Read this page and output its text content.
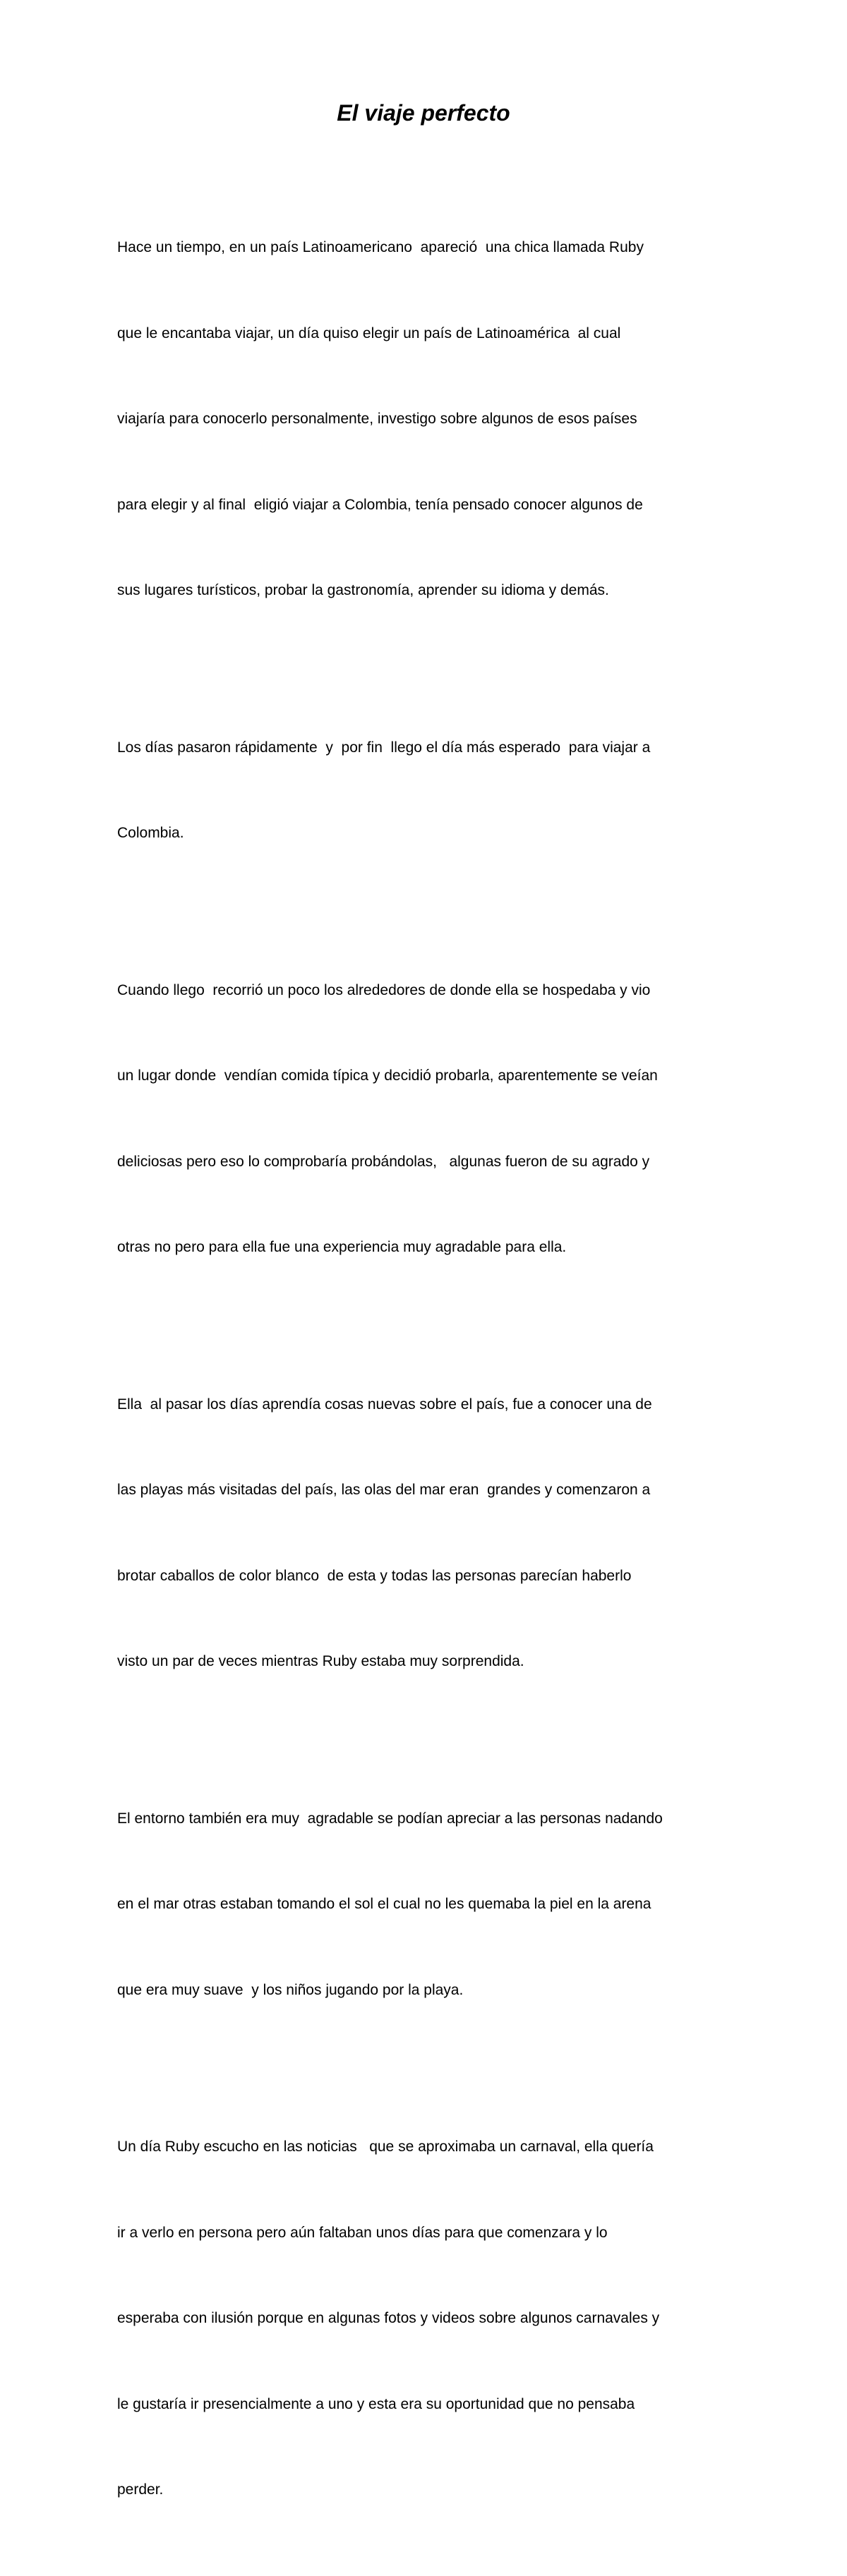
El viaje perfecto

Hace un tiempo, en un país Latinoamericano  apareció  una chica llamada Ruby

que le encantaba viajar, un día quiso elegir un país de Latinoamérica  al cual

viajaría para conocerlo personalmente, investigo sobre algunos de esos países

para elegir y al final  eligió viajar a Colombia, tenía pensado conocer algunos de

sus lugares turísticos, probar la gastronomía, aprender su idioma y demás.

Los días pasaron rápidamente  y  por fin  llego el día más esperado  para viajar a

Colombia.

Cuando llego  recorrió un poco los alrededores de donde ella se hospedaba y vio

un lugar donde  vendían comida típica y decidió probarla, aparentemente se veían

deliciosas pero eso lo comprobaría probándolas,   algunas fueron de su agrado y

otras no pero para ella fue una experiencia muy agradable para ella.

Ella  al pasar los días aprendía cosas nuevas sobre el país, fue a conocer una de

las playas más visitadas del país, las olas del mar eran  grandes y comenzaron a

brotar caballos de color blanco  de esta y todas las personas parecían haberlo

visto un par de veces mientras Ruby estaba muy sorprendida.

El entorno también era muy  agradable se podían apreciar a las personas nadando

en el mar otras estaban tomando el sol el cual no les quemaba la piel en la arena

que era muy suave  y los niños jugando por la playa.

Un día Ruby escucho en las noticias   que se aproximaba un carnaval, ella quería

ir a verlo en persona pero aún faltaban unos días para que comenzara y lo

esperaba con ilusión porque en algunas fotos y videos sobre algunos carnavales y

le gustaría ir presencialmente a uno y esta era su oportunidad que no pensaba

perder.
